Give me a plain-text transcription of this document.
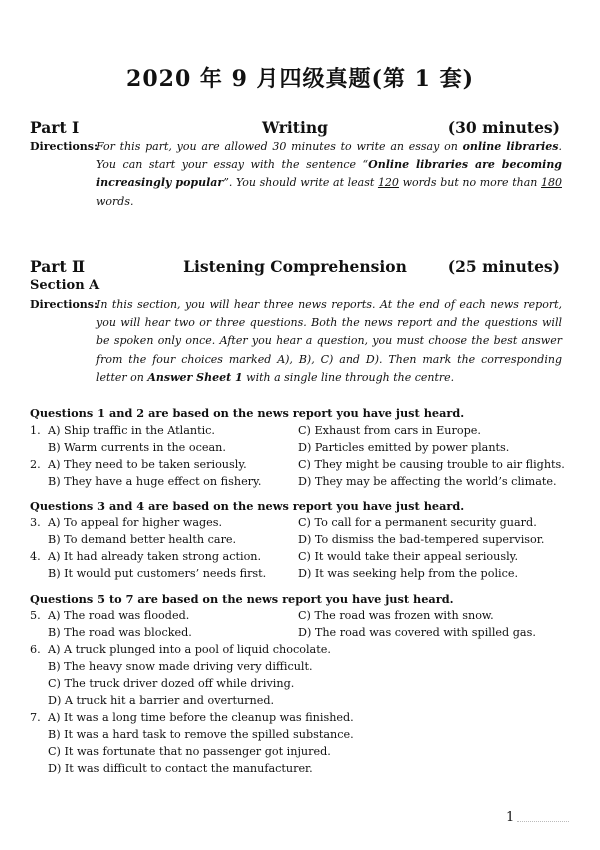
2020 年 9 月四级真题(第 1 套)
Part Ⅰ	Writing	(30 minutes)
Directions:
For this part, you are allowed 30 minutes to write an essay on online libraries. You can start your essay with the sentence “Online libraries are becoming increasingly popular”. You should write at least 120 words but no more than 180 words.
Part Ⅱ	Listening Comprehension	(25 minutes)
Section A
Directions:
In this section, you will hear three news reports. At the end of each news report, you will hear two or three questions. Both the news report and the questions will be spoken only once. After you hear a question, you must choose the best answer from the four choices marked A), B), C) and D). Then mark the corresponding letter on Answer Sheet 1 with a single line through the centre.
Questions 1 and 2 are based on the news report you have just heard.
Questions 3 and 4 are based on the news report you have just heard.
Questions 5 to 7 are based on the news report you have just heard.
1. A) Ship traffic in the Atlantic.	C) Exhaust from cars in Europe.
B) Warm currents in the ocean.	D) Particles emitted by power plants.
2. A) They need to be taken seriously.	C) They might be causing trouble to air flights.
B) They have a huge effect on fishery.	D) They may be affecting the world’s climate.
3. A) To appeal for higher wages.	C) To call for a permanent security guard.
B) To demand better health care.	D) To dismiss the bad-tempered supervisor.
4. A) It had already taken strong action.	C) It would take their appeal seriously.
B) It would put customers’ needs first.	D) It was seeking help from the police.
5. A) The road was flooded.	C) The road was frozen with snow.
B) The road was blocked.	D) The road was covered with spilled gas.
6. A) A truck plunged into a pool of liquid chocolate.
B) The heavy snow made driving very difficult.
C) The truck driver dozed off while driving.
D) A truck hit a barrier and overturned.
7. A) It was a long time before the cleanup was finished.
B) It was a hard task to remove the spilled substance.
C) It was fortunate that no passenger got injured.
D) It was difficult to contact the manufacturer.
1
